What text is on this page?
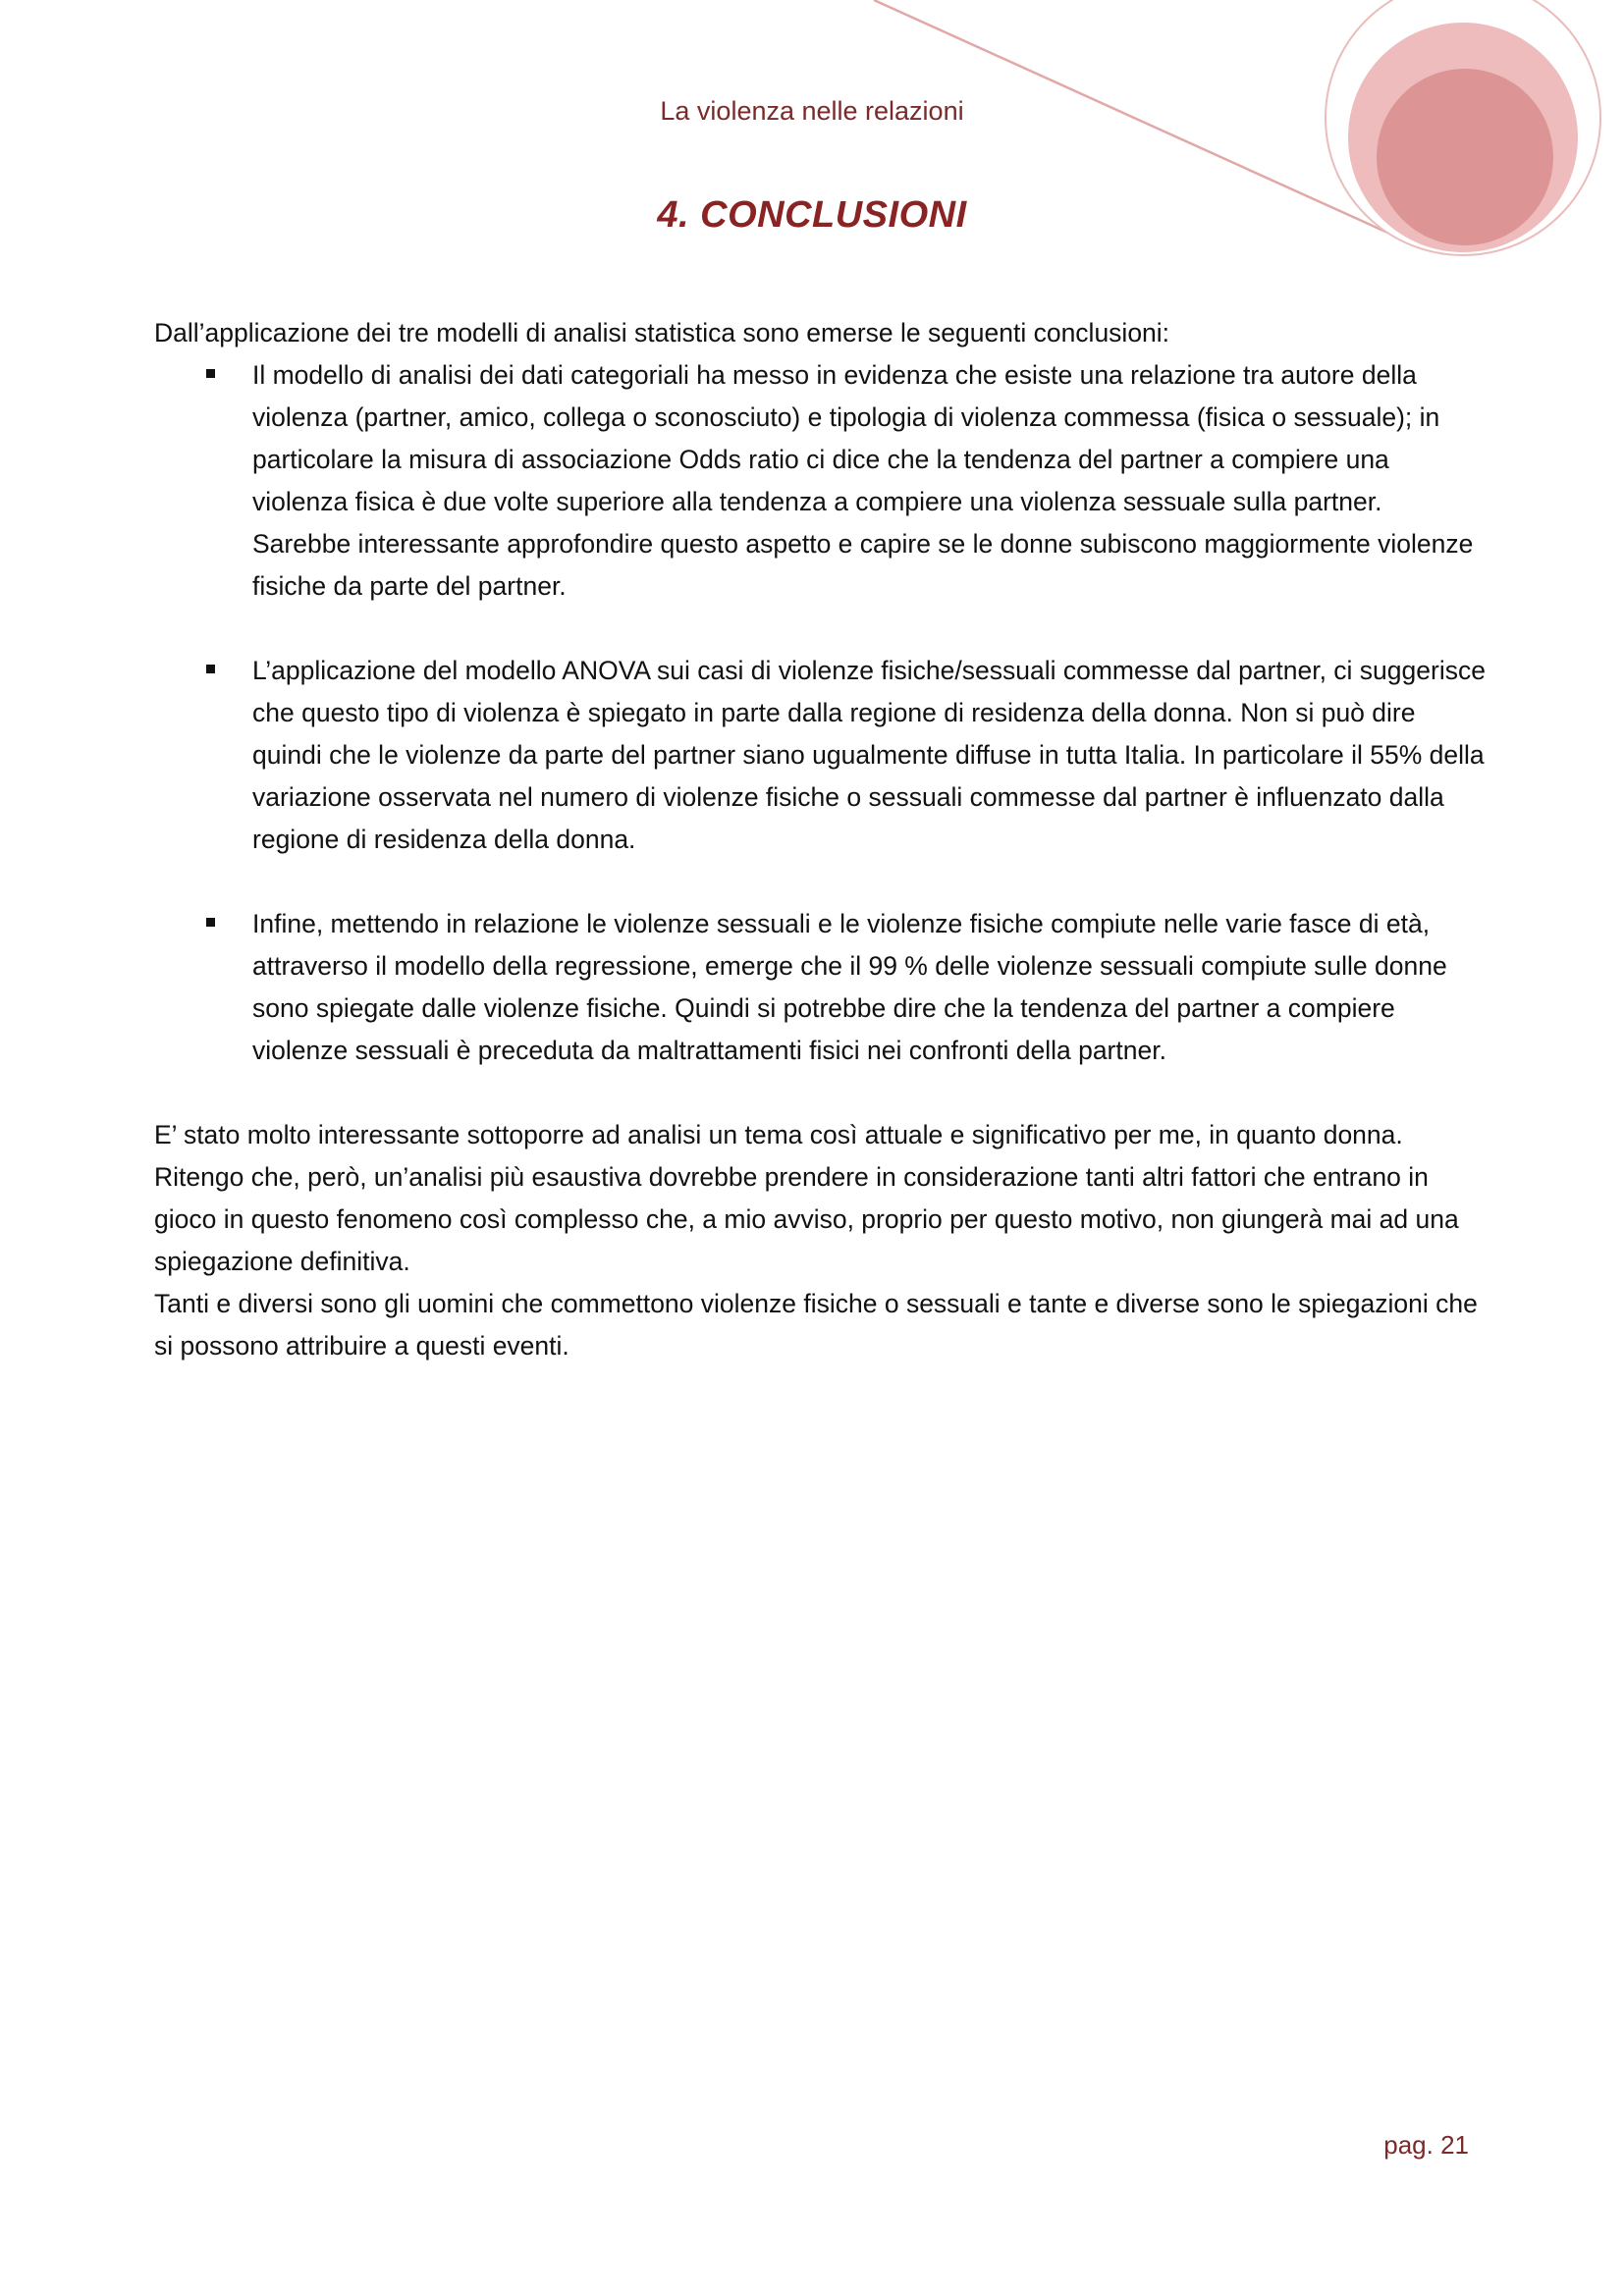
La violenza nelle relazioni
4. CONCLUSIONI

Dall’applicazione dei tre modelli di analisi statistica sono emerse le seguenti conclusioni:

Il modello di analisi dei dati categoriali ha messo in evidenza che esiste una relazione tra autore della violenza (partner, amico, collega o sconosciuto) e tipologia di violenza commessa (fisica o sessuale); in particolare la misura di associazione Odds ratio ci dice che la tendenza del partner a compiere una violenza fisica è due volte superiore alla tendenza a compiere una violenza sessuale sulla partner.

Sarebbe interessante approfondire questo aspetto e capire se le donne subiscono maggiormente violenze fisiche da parte del partner.

L’applicazione del modello ANOVA sui casi di violenze fisiche/sessuali commesse dal partner, ci suggerisce che questo tipo di violenza è spiegato in parte dalla regione di residenza della donna. Non si può dire quindi che le violenze da parte del partner siano ugualmente diffuse in tutta Italia. In particolare il 55% della variazione osservata nel numero di violenze fisiche o sessuali commesse dal partner è influenzato dalla regione di residenza della donna.

Infine, mettendo in relazione le violenze sessuali e le violenze fisiche compiute nelle varie fasce di età, attraverso il modello della regressione, emerge che il 99 % delle violenze sessuali compiute sulle donne sono spiegate dalle violenze fisiche. Quindi si potrebbe dire che la tendenza del partner a compiere violenze sessuali è preceduta da maltrattamenti fisici nei confronti della partner.

E’ stato molto interessante sottoporre ad analisi un tema così attuale e significativo per me, in quanto donna. Ritengo che, però, un’analisi più esaustiva dovrebbe prendere in considerazione tanti altri fattori che entrano in gioco in questo fenomeno così complesso che, a mio avviso, proprio per questo motivo, non giungerà mai ad una spiegazione definitiva.

Tanti e diversi sono gli uomini che commettono violenze fisiche o sessuali e tante e diverse sono le spiegazioni che si possono attribuire a questi eventi.

pag. 21
